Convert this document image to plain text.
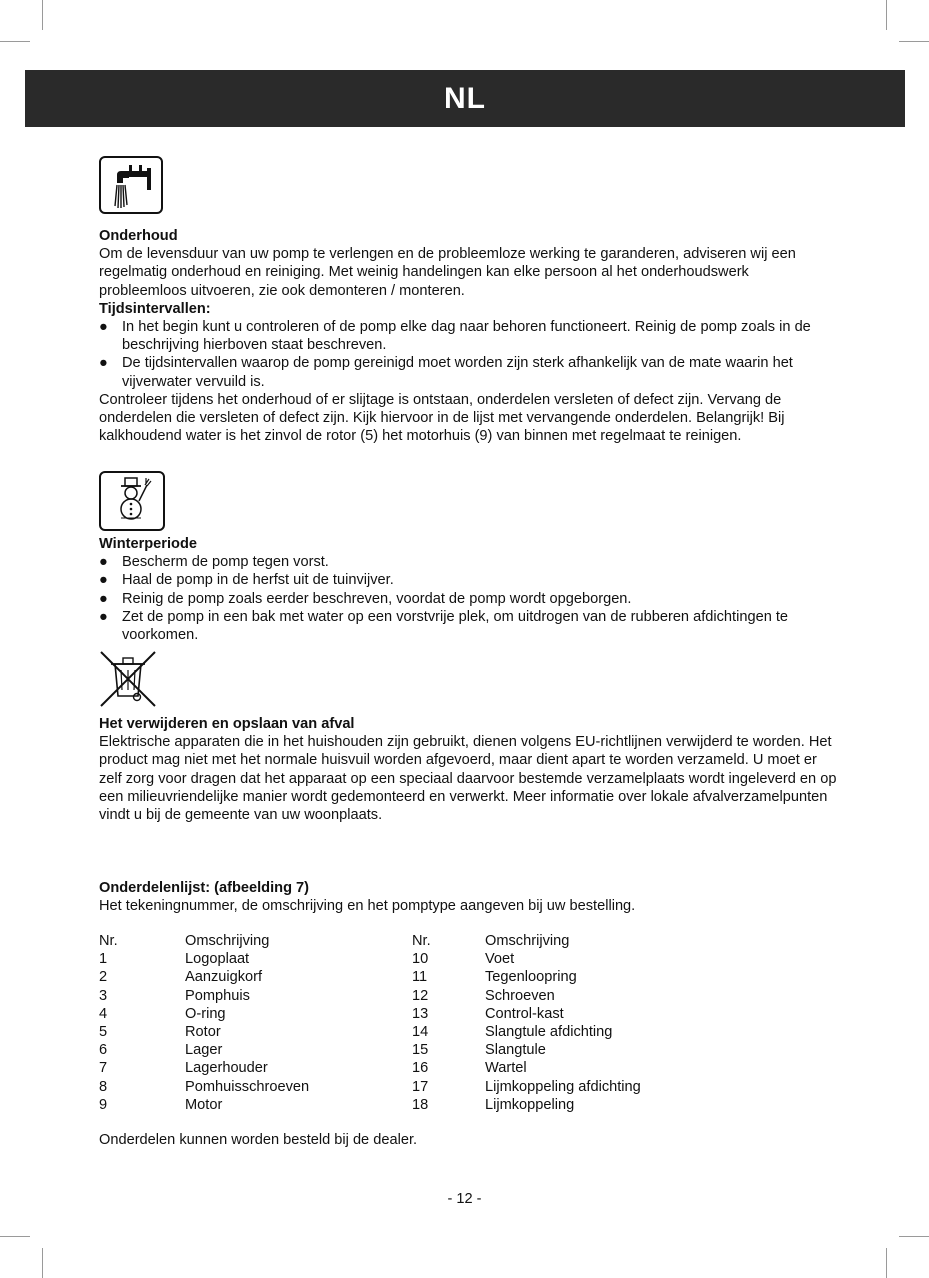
NL

Onderhoud

Om de levensduur van uw pomp te verlengen en de probleemloze werking te garanderen, adviseren wij een regelmatig onderhoud en reiniging. Met weinig handelingen kan elke persoon al het onderhoudswerk probleemloos uitvoeren, zie ook demonteren / monteren.

Tijdsintervallen:

● In het begin kunt u controleren of de pomp elke dag naar behoren functioneert. Reinig de pomp zoals in de beschrijving hierboven staat beschreven.
● De tijdsintervallen waarop de pomp gereinigd moet worden zijn sterk afhankelijk van de mate waarin het vijverwater vervuild is.

Controleer tijdens het onderhoud of er slijtage is ontstaan, onderdelen versleten of defect zijn. Vervang de onderdelen die versleten of defect zijn. Kijk hiervoor in de lijst met vervangende onderdelen. Belangrijk! Bij kalkhoudend water is het zinvol de rotor (5) het motorhuis (9) van binnen met regelmaat te reinigen.

Winterperiode

● Bescherm de pomp tegen vorst.
● Haal de pomp in de herfst uit de tuinvijver.
● Reinig de pomp zoals eerder beschreven, voordat de pomp wordt opgeborgen.
● Zet de pomp in een bak met water op een vorstvrije plek, om uitdrogen van de rubberen afdichtingen te voorkomen.

Het verwijderen en opslaan van afval

Elektrische apparaten die in het huishouden zijn gebruikt, dienen volgens EU-richtlijnen verwijderd te worden. Het product mag niet met het normale huisvuil worden afgevoerd, maar dient apart te worden verzameld. U moet er zelf zorg voor dragen dat het apparaat op een speciaal daarvoor bestemde verzamelplaats wordt ingeleverd en op een milieuvriendelijke manier wordt gedemonteerd en verwerkt. Meer informatie over lokale afvalverzamelpunten vindt u bij de gemeente van uw woonplaats.

Onderdelenlijst: (afbeelding 7)

Het tekeningnummer, de omschrijving en het pomptype aangeven bij uw bestelling.

Nr.
1
2
3
4
5
6
7
8
9
Omschrijving
Logoplaat
Aanzuigkorf
Pomphuis
O-ring
Rotor
Lager
Lagerhouder
Pomhuisschroeven
Motor
Nr.
10
11
12
13
14
15
16
17
18
Omschrijving
Voet
Tegenloopring
Schroeven
Control-kast
Slangtule afdichting
Slangtule
Wartel
Lijmkoppeling afdichting
Lijmkoppeling

Onderdelen kunnen worden besteld bij de dealer.

- 12 -
